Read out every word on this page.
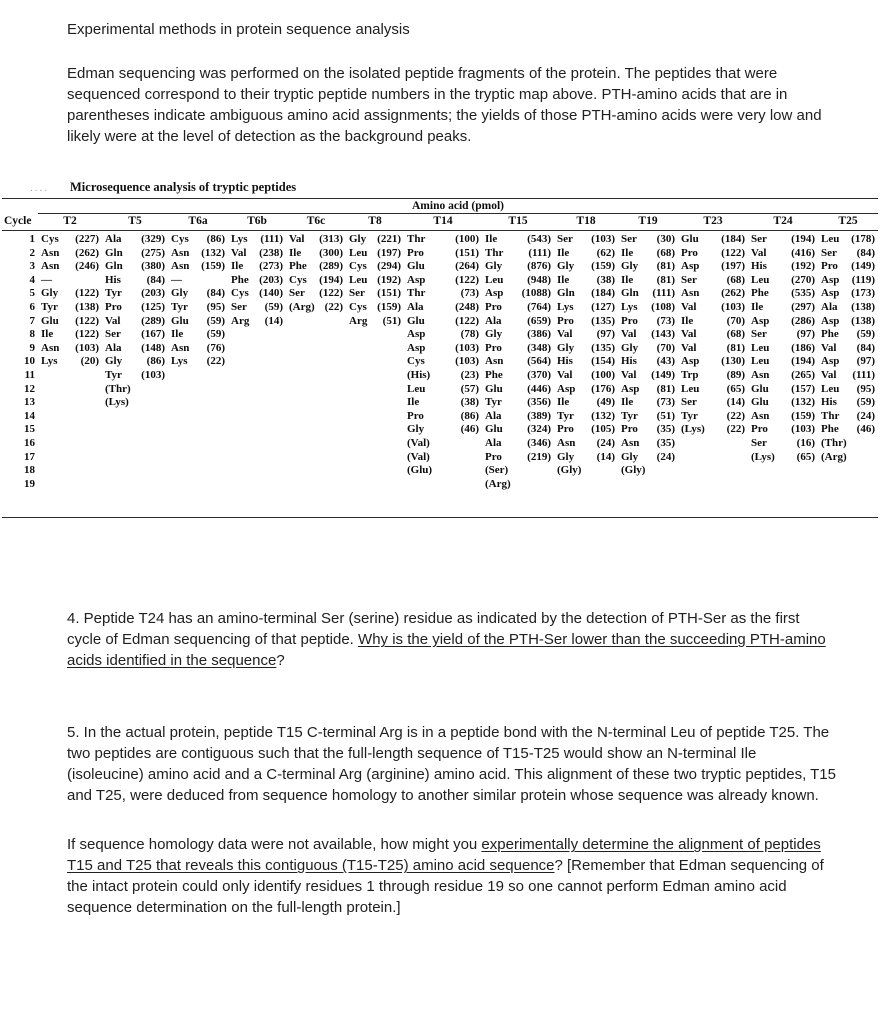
Experimental methods in protein sequence analysis

Edman sequencing was performed on the isolated peptide fragments of the protein. The peptides that were sequenced correspond to their tryptic peptide numbers in the tryptic map above. PTH-amino acids that are in parentheses indicate ambiguous amino acid assignments; the yields of those PTH-amino acids were very low and likely were at the level of detection as the background peaks.

....	Microsequence analysis of tryptic peptides
	Amino acid (pmol)												
Cycle	T2	T5	T6a	T6b	T6c	T8	T14	T15	T18	T19	T23	T24	T25
1	Cys (227)	Ala (329)	Cys (86)	Lys (111)	Val (313)	Gly (221)	Thr (100)	Ile (543)	Ser (103)	Ser (30)	Glu (184)	Ser (194)	Leu (178)

2	Asn (262)	Gln (275)	Asn (132)	Val (238)	Ile (300)	Leu (197)	Pro (151)	Thr (111)	Ile (62)	Ile (68)	Pro (122)	Val (416)	Ser (84)

3	Asn (246)	Gln (380)	Asn (159)	Ile (273)	Phe (289)	Cys (294)	Glu (264)	Gly (876)	Gly (159)	Gly (81)	Asp (197)	His (192)	Pro (149)

4	—	His (84)	—	Phe (203)	Cys (194)	Leu (192)	Asp (122)	Leu (948)	Ile (38)	Ile (81)	Ser (68)	Leu (270)	Asp (119)

5	Gly (122)	Tyr (203)	Gly (84)	Cys (140)	Ser (122)	Ser (151)	Thr (73)	Asp (1088)	Gln (184)	Gln (111)	Asn (262)	Phe (535)	Asp (173)

6	Tyr (138)	Pro (125)	Tyr (95)	Ser (59)	(Arg) (22)	Cys (159)	Ala (248)	Pro (764)	Lys (127)	Lys (108)	Val (103)	Ile (297)	Ala (138)

7	Glu (122)	Val (289)	Glu (59)	Arg (14)		Arg (51)	Glu (122)	Ala (659)	Pro (135)	Pro (73)	Ile (70)	Asp (286)	Asp (138)

8	Ile (122)	Ser (167)	Ile (59)				Asp (78)	Gly (386)	Val (97)	Val (143)	Val (68)	Ser (97)	Phe (59)

9	Asn (103)	Ala (148)	Asn (76)				Asp (103)	Pro (348)	Gly (135)	Gly (70)	Val (81)	Leu (186)	Val (84)

10	Lys (20)	Gly (86)	Lys (22)				Cys (103)	Asn (564)	His (154)	His (43)	Asp (130)	Leu (194)	Asp (97)

11		Tyr (103)					(His) (23)	Phe (370)	Val (100)	Val (149)	Trp (89)	Asn (265)	Val (111)

12		(Thr)					Leu (57)	Glu (446)	Asp (176)	Asp (81)	Leu (65)	Glu (157)	Leu (95)

13		(Lys)					Ile (38)	Tyr (356)	Ile (49)	Ile (73)	Ser (14)	Glu (132)	His (59)

14							Pro (86)	Ala (389)	Tyr (132)	Tyr (51)	Tyr (22)	Asn (159)	Thr (24)

15							Gly (46)	Glu (324)	Pro (105)	Pro (35)	(Lys) (22)	Pro (103)	Phe (46)

16							(Val)	Ala (346)	Asn (24)	Asn (35)		Ser (16)	(Thr)
17							(Val)	Pro (219)	Gly (14)	Gly (24)		(Lys) (65)	(Arg)
18							(Glu)	(Ser)	(Gly)	(Gly)			
19								(Arg)					

4. Peptide T24 has an amino-terminal Ser (serine) residue as indicated by the detection of PTH-Ser as the first cycle of Edman sequencing of that peptide. Why is the yield of the PTH-Ser lower than the succeeding PTH-amino acids identified in the sequence?

5. In the actual protein, peptide T15 C-terminal Arg is in a peptide bond with the N-terminal Leu of peptide T25. The two peptides are contiguous such that the full-length sequence of T15-T25 would show an N-terminal Ile (isoleucine) amino acid and a C-terminal Arg (arginine) amino acid. This alignment of these two tryptic peptides, T15 and T25, were deduced from sequence homology to another similar protein whose sequence was already known.

If sequence homology data were not available, how might you experimentally determine the alignment of peptides T15 and T25 that reveals this contiguous (T15-T25) amino acid sequence? [Remember that Edman sequencing of the intact protein could only identify residues 1 through residue 19 so one cannot perform Edman amino acid sequence determination on the full-length protein.]
